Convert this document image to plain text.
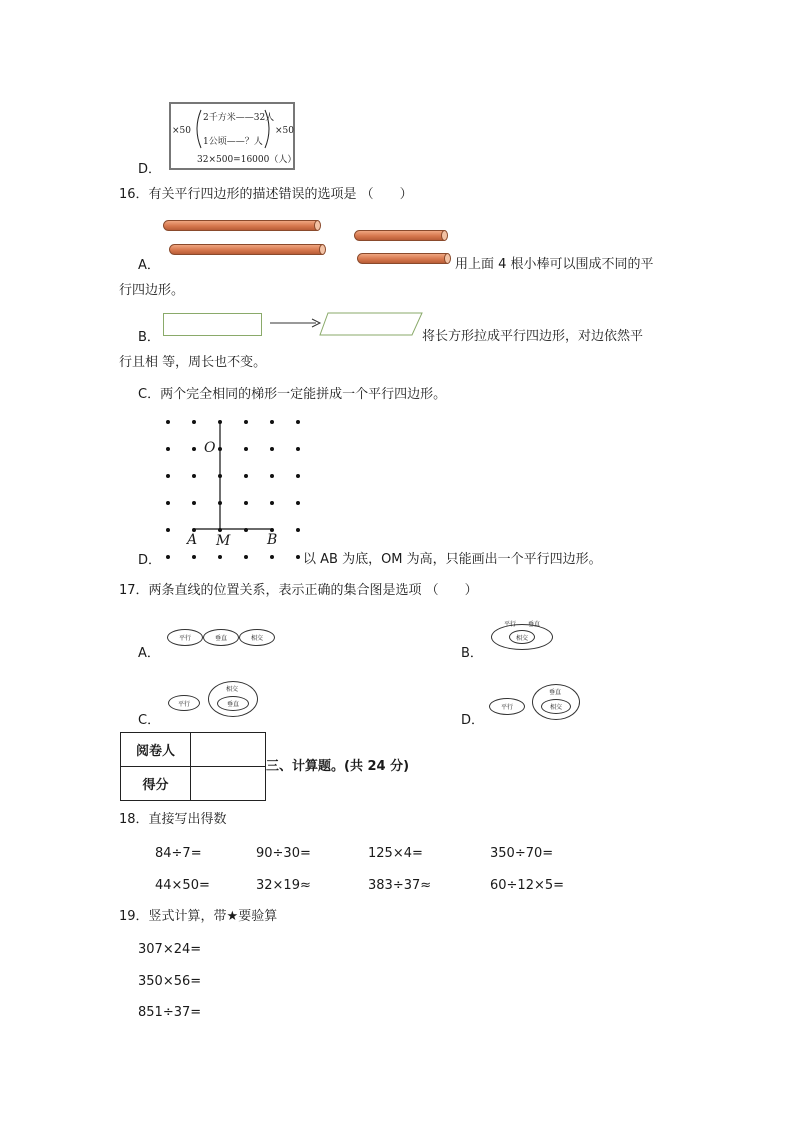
×50
2千方米——32人
1公顷——？人
32×500=16000（人）
×50
D．
16．有关平行四边形的描述错误的选项是 （　　）
A．	用上面 4 根小棒可以围成不同的平
行四边形。
B．	将长方形拉成平行四边形，对边依然平
行且相 等，周长也不变。
C．两个完全相同的梯形一定能拼成一个平行四边形。
O
A M	B
D．	以 AB 为底，OM 为高，只能画出一个平行四边形。
17．两条直线的位置关系，表示正确的集合图是选项 （　　）
平行	垂直	相交
A．
平行 垂直
相交
B．
平行
相交
垂直
C．
平行
垂直
相交
D．
阅卷人	
得分	
三、计算题。(共 24 分)
18．直接写出得数
84÷7=	90÷30=	125×4=	350÷70=
44×50=	32×19≈	383÷37≈	60÷12×5=
19．竖式计算，带★要验算
307×24=
350×56=
851÷37=
